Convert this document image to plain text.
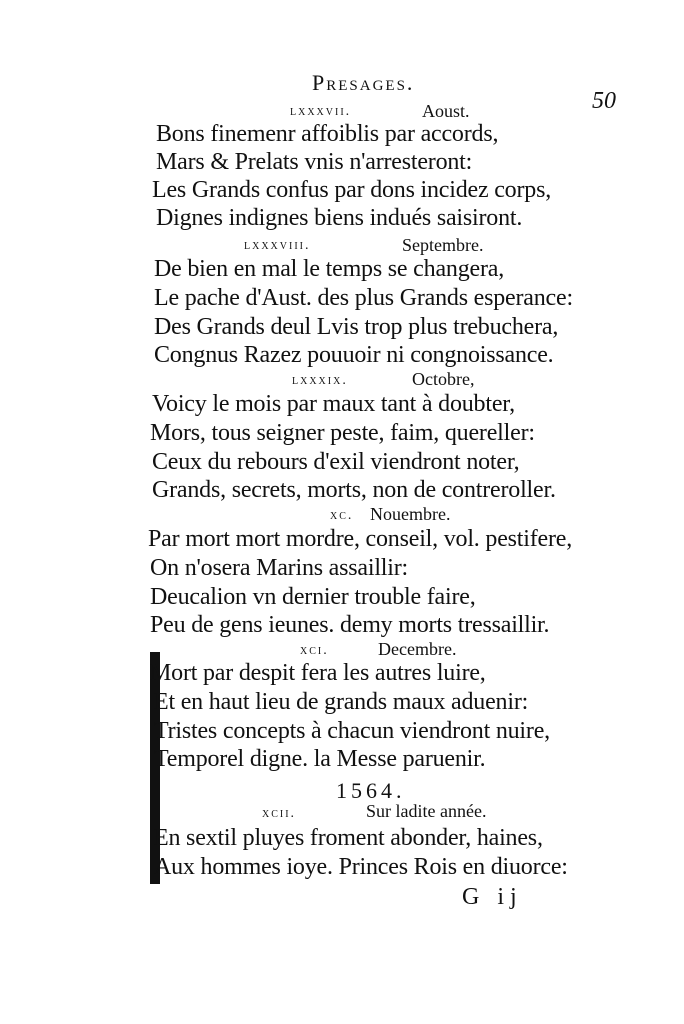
Presages.
50
lxxxvii.	Aoust.
Bons finemenr affoiblis par accords,
Mars & Prelats vnis n'arresteront:
Les Grands confus par dons incidez corps,
Dignes indignes biens indués saisiront.
lxxxviii.	Septembre.
De bien en mal le temps se changera,
Le pache d'Aust. des plus Grands esperance:
Des Grands deul Lvis trop plus trebuchera,
Congnus Razez pouuoir ni congnoissance.
lxxxix.	Octobre,
Voicy le mois par maux tant à doubter,
Mors, tous seigner peste, faim, quereller:
Ceux du rebours d'exil viendront noter,
Grands, secrets, morts, non de contreroller.
xc. Nouembre.
Par mort mort mordre, conseil, vol. pestifere,
On n'osera Marins assaillir:
Deucalion vn dernier trouble faire,
Peu de gens ieunes. demy morts tressaillir.
xci.	Decembre.
Mort par despit fera les autres luire,
Et en haut lieu de grands maux aduenir:
Tristes concepts à chacun viendront nuire,
Temporel digne. la Messe paruenir.
1564.
xcii.	Sur ladite année.
En sextil pluyes froment abonder, haines,
Aux hommes ioye. Princes Rois en diuorce:
G ij
